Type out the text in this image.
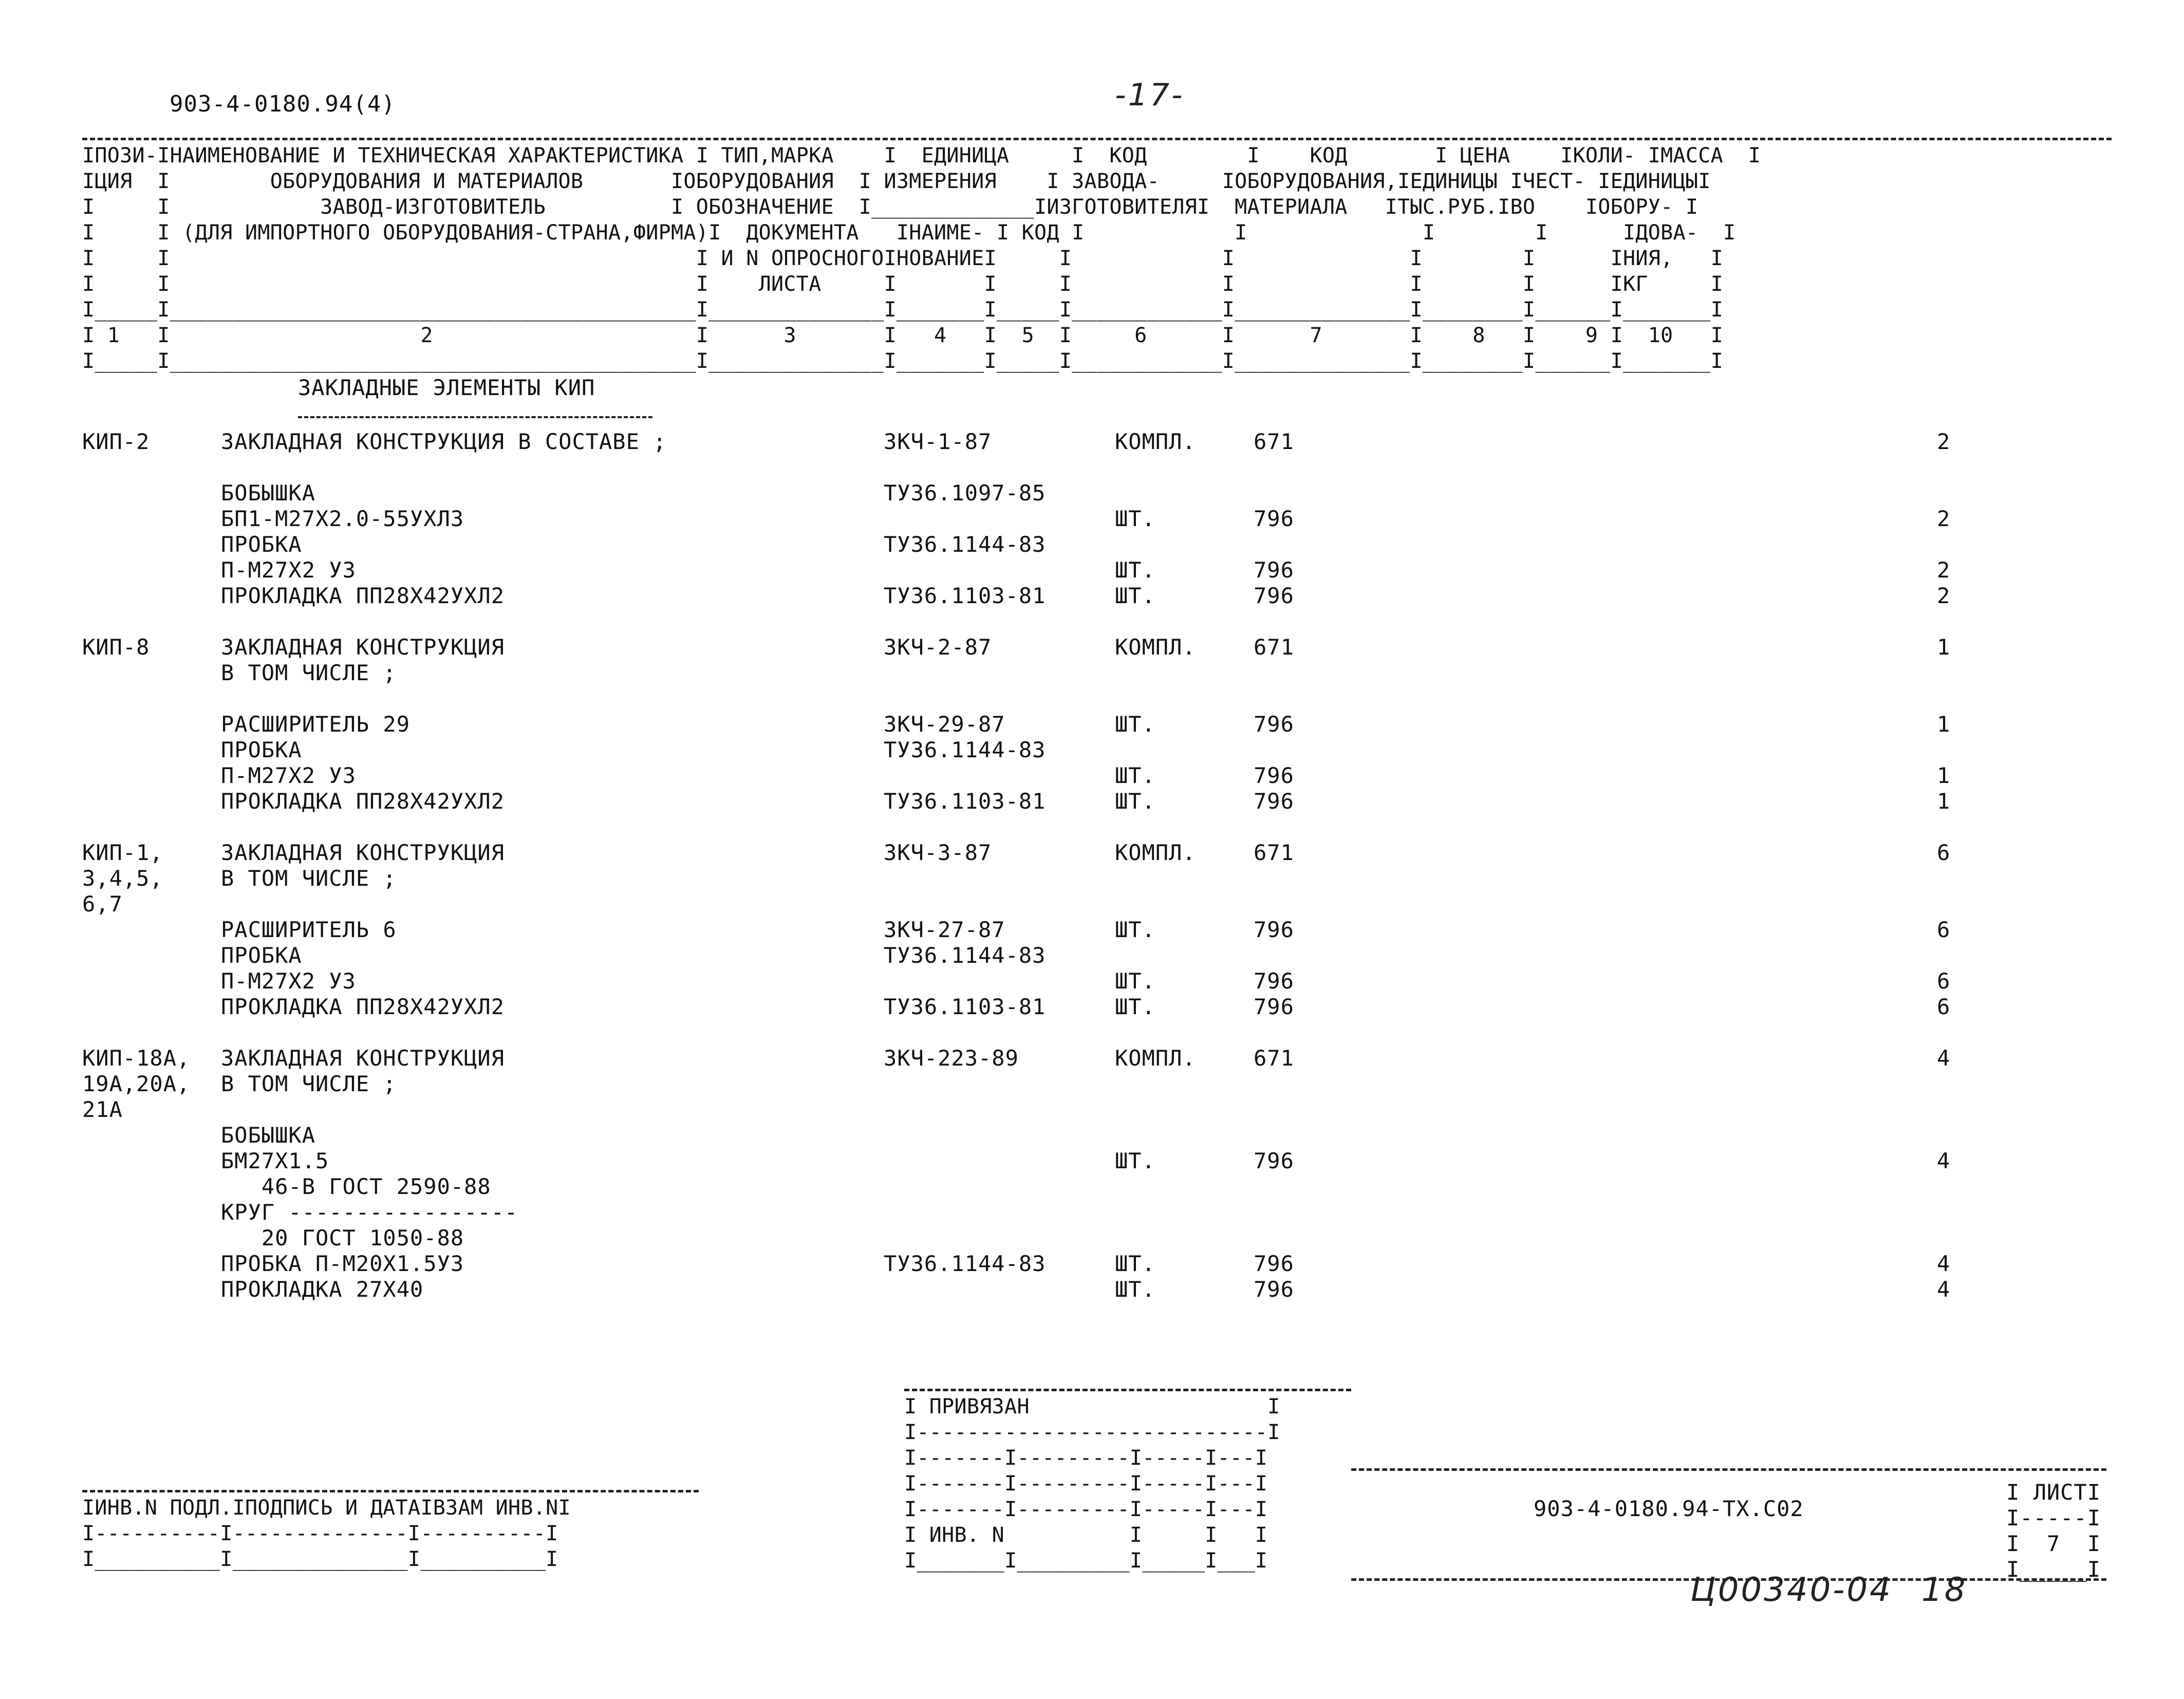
903-4-0180.94(4)	-17-
IПОЗИ-IНАИМЕНОВАНИЕ И ТЕХНИЧЕСКАЯ ХАРАКТЕРИСТИКА I ТИП,МАРКА    I  ЕДИНИЦА     I  КОД        I    КОД       I ЦЕНА    IКОЛИ- IМАССА  I
IЦИЯ  I        ОБОРУДОВАНИЯ И МАТЕРИАЛОВ       IОБОРУДОВАНИЯ  I ИЗМЕРЕНИЯ    I ЗАВОДА-     IОБОРУДОВАНИЯ,IЕДИНИЦЫ IЧЕСТ- IЕДИНИЦЫI
I     I            ЗАВОД-ИЗГОТОВИТЕЛЬ          I ОБОЗНАЧЕНИЕ  I_____________IИЗГОТОВИТЕЛЯI  МАТЕРИАЛА   IТЫС.РУБ.IВО    IОБОРУ- I
I     I (ДЛЯ ИМПОРТНОГО ОБОРУДОВАНИЯ-СТРАНА,ФИРМА)I  ДОКУМЕНТА   IНАИМЕ- I КОД I            I              I        I      IДОВА-  I
I     I                                          I И N ОПРОСНОГОIНОВАНИЕI     I            I              I        I      IНИЯ,   I
I     I                                          I    ЛИСТА     I       I     I            I              I        I      IКГ     I
I_____I__________________________________________I______________I_______I_____I____________I______________I________I______I_______I
I 1   I                    2                     I      3       I   4   I  5  I     6      I      7       I    8   I    9 I  10   I
I_____I__________________________________________I______________I_______I_____I____________I______________I________I______I_______I
ЗАКЛАДНЫЕ ЭЛЕМЕНТЫ КИП
КИП-2	ЗАКЛАДНАЯ КОНСТРУКЦИЯ В СОСТАВЕ ;	ЗКЧ-1-87	КОМПЛ.	671	2
БОБЫШКА	ТУ36.1097-85
БП1-М27Х2.0-55УХЛ3	ШТ.	796	2
ПРОБКА	ТУ36.1144-83
П-М27Х2 У3	ШТ.	796	2
ПРОКЛАДКА ПП28Х42УХЛ2	ТУ36.1103-81	ШТ.	796	2
КИП-8	ЗАКЛАДНАЯ КОНСТРУКЦИЯ	ЗКЧ-2-87	КОМПЛ.	671	1
В ТОМ ЧИСЛЕ ;
РАСШИРИТЕЛЬ 29	ЗКЧ-29-87	ШТ.	796	1
ПРОБКА	ТУ36.1144-83
П-М27Х2 У3	ШТ.	796	1
ПРОКЛАДКА ПП28Х42УХЛ2	ТУ36.1103-81	ШТ.	796	1
КИП-1,	ЗАКЛАДНАЯ КОНСТРУКЦИЯ	ЗКЧ-3-87	КОМПЛ.	671	6
3,4,5,	В ТОМ ЧИСЛЕ ;
6,7
РАСШИРИТЕЛЬ 6	ЗКЧ-27-87	ШТ.	796	6
ПРОБКА	ТУ36.1144-83
П-М27Х2 У3	ШТ.	796	6
ПРОКЛАДКА ПП28Х42УХЛ2	ТУ36.1103-81	ШТ.	796	6
КИП-18А, ЗАКЛАДНАЯ КОНСТРУКЦИЯ	ЗКЧ-223-89	КОМПЛ.	671	4
19А,20А, В ТОМ ЧИСЛЕ ;
21А
БОБЫШКА
БМ27Х1.5	ШТ.	796	4
46-В ГОСТ 2590-88
КРУГ -----------------
20 ГОСТ 1050-88
ПРОБКА П-М20Х1.5У3	ТУ36.1144-83	ШТ.	796	4
ПРОКЛАДКА 27Х40	ШТ.	796	4
I ПРИВЯЗАН                   I
I----------------------------I
I-------I---------I-----I---I
I-------I---------I-----I---I
I-------I---------I-----I---I
I ИНВ. N          I     I   I
I_______I_________I_____I___I
IИНВ.N ПОДЛ.IПОДПИСЬ И ДАТАIВЗАМ ИНВ.NI
I----------I--------------I----------I
I__________I______________I__________I
903-4-0180.94-ТХ.С02
I ЛИСТI
I-----I
I  7  I
I_____I
Ц00340-04 18
